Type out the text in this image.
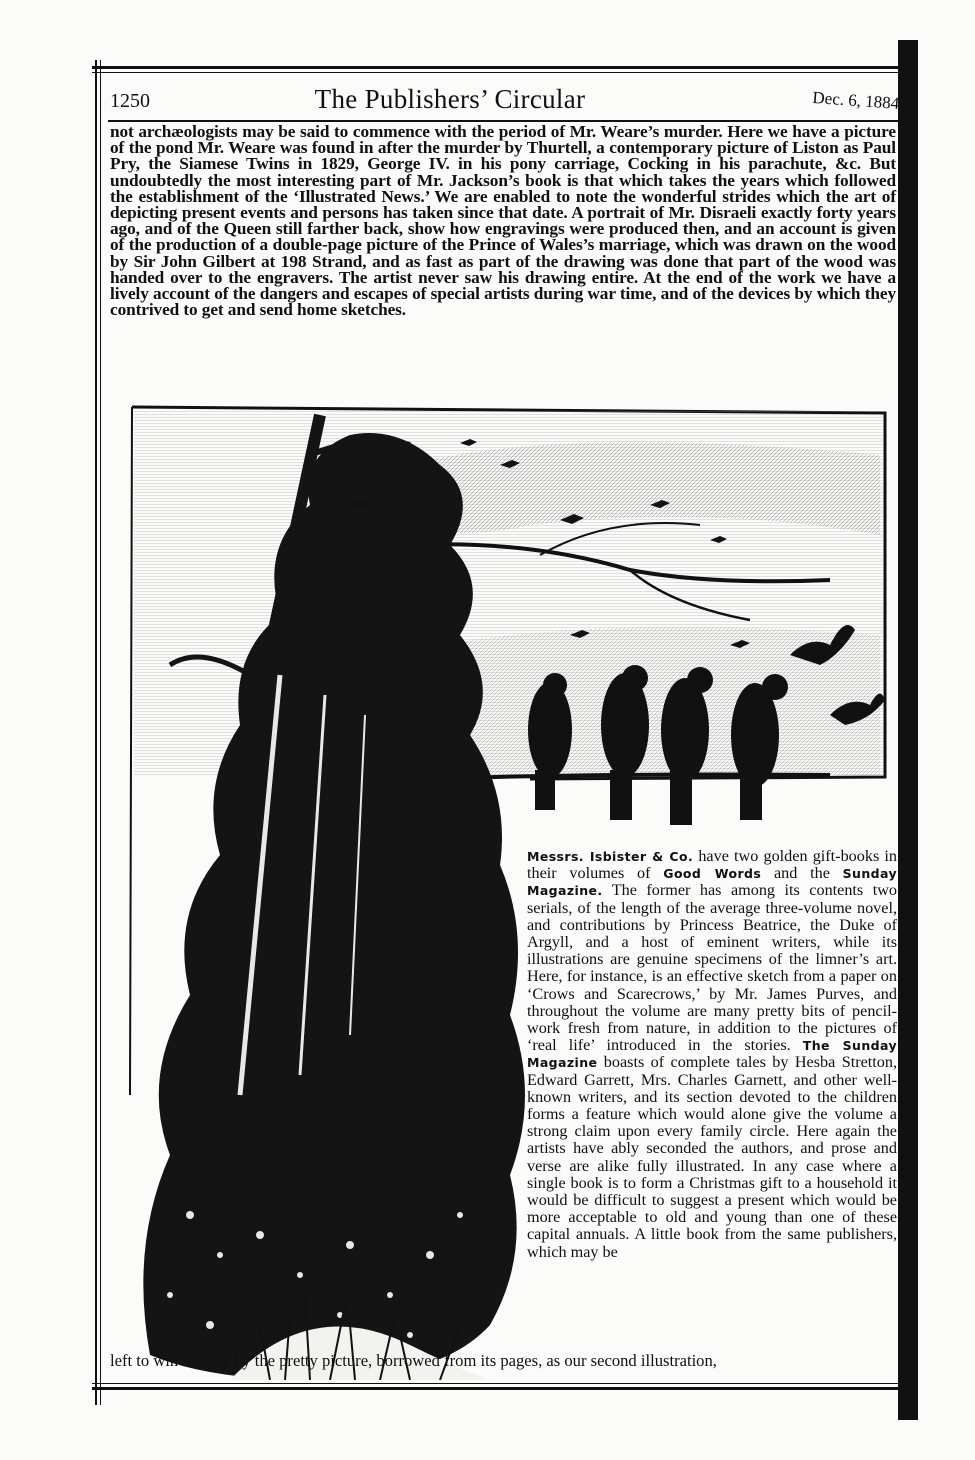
1250	The Publishers’ Circular	Dec. 6, 1884

not archæologists may be said to commence with the period of Mr. Weare’s murder. Here we have a picture of the pond Mr. Weare was found in after the murder by Thurtell, a contemporary picture of Liston as Paul Pry, the Siamese Twins in 1829, George IV. in his pony carriage, Cocking in his parachute, &c. But undoubtedly the most interesting part of Mr. Jackson’s book is that which takes the years which followed the establishment of the ‘Illustrated News.’ We are enabled to note the wonderful strides which the art of depicting present events and persons has taken since that date. A portrait of Mr. Disraeli exactly forty years ago, and of the Queen still farther back, show how engravings were produced then, and an account is given of the production of a double-page picture of the Prince of Wales’s marriage, which was drawn on the wood by Sir John Gilbert at 198 Strand, and as fast as part of the drawing was done that part of the wood was handed over to the engravers. The artist never saw his drawing entire. At the end of the work we have a lively account of the dangers and escapes of special artists during war time, and of the devices by which they contrived to get and send home sketches.

Messrs. Isbister & Co. have two golden gift-books in their volumes of Good Words and the Sunday Magazine. The former has among its contents two serials, of the length of the average three-volume novel, and contributions by Princess Beatrice, the Duke of Argyll, and a host of eminent writers, while its illustrations are genuine specimens of the limner’s art. Here, for instance, is an effective sketch from a paper on ‘Crows and Scarecrows,’ by Mr. James Purves, and throughout the volume are many pretty bits of pencil-work fresh from nature, in addition to the pictures of ‘real life’ introduced in the stories. The Sunday Magazine boasts of complete tales by Hesba Stretton, Edward Garrett, Mrs. Charles Garnett, and other well-known writers, and its section devoted to the children forms a feature which would alone give the volume a strong claim upon every family circle. Here again the artists have ably seconded the authors, and prose and verse are alike fully illustrated. In any case where a single book is to form a Christmas gift to a household it would be difficult to suggest a present which would be more acceptable to old and young than one of these capital annuals. A little book from the same publishers, which may be

left to win its way by the pretty picture, borrowed from its pages, as our second illustration,
